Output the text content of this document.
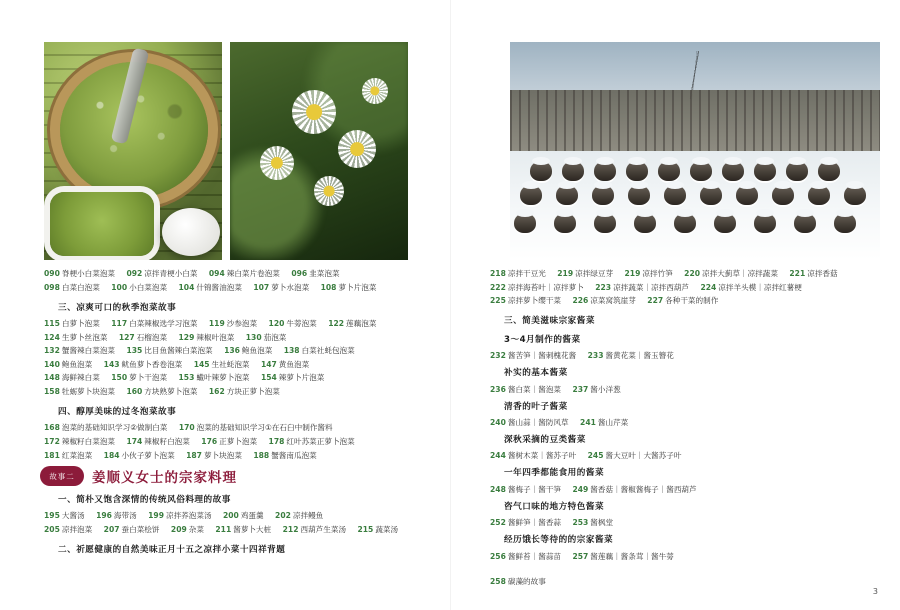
090 脊梗小白菜泡菜 092 凉拌青梗小白菜 094 辣白菜片卷泡菜 096 韭菜泡菜
098 白菜白泡菜 100 小白菜泡菜 104 什锦酱油泡菜 107 萝卜水泡菜 108 萝卜片泡菜
三、凉爽可口的秋季泡菜故事
115 白萝卜泡菜 117 白菜辣椒选学习泡菜 119 沙参泡菜 120 牛蒡泡菜 122 莲藕泡菜
124 生萝卜丝泡菜 127 石榴泡菜 129 辣椒叶泡菜 130 茄泡菜
132 蟹酱辣白菜泡菜 135 比目鱼酱辣白菜泡菜 136 鲍鱼泡菜 138 白菜社蚝包泡菜
140 鲍鱼泡菜 143 鱿鱼萝卜香卷泡菜 145 生社蚝泡菜 147 黄鱼泡菜
148 海鲜辣白菜 150 萝卜干泡菜 153 蠘叶辣萝卜泡菜 154 辣萝卜片泡菜
158 牡蛎萝卜块泡菜 160 方块熟萝卜泡菜 162 方块正萝卜泡菜
四、醇厚美味的过冬泡菜故事
168 泡菜的基础知识学习②做制白菜 170 泡菜的基础知识学习①在石臼中制作酱料
172 辣椒籽白菜泡菜 174 辣椒籽白泡菜 176 正萝卜泡菜 178 红叶苏菜正萝卜泡菜
181 红菜泡菜 184 小伙子萝卜泡菜 187 萝卜块泡菜 188 蟹酱南瓜泡菜
故事二	姜顺义女士的宗家料理
一、简朴又饱含深情的传统风俗料理的故事
195 大酱汤 196 海带汤 199 凉拌荞泡菜汤 200 鸡蛋羹 202 凉拌鳗鱼
205 凉拌泡菜 207 蚕白菜桧饼 209 杂菜 211 酱萝卜大桩 212 西葫芦生菜汤 215 蔬菜汤
二、祈愿健康的自然美味正月十五之凉拌小菜十四祥背题
218 凉拌干豆光 219 凉拌绿豆芽 219 凉拌竹笋 220 凉拌大蓟草｜凉拌蔬菜 221 凉拌香菇
222 凉拌海苔叶｜凉拌萝卜 223 凉拌蔬菜｜凉拌西葫芦 224 凉拌羊头模｜凉拌红薯梗
225 凉拌萝卜缨干菜 226 凉菜窝筑崖芽 227 各种干菜的制作
三、简美滋味宗家酱菜
3～4月制作的酱菜
232 酱苦笋｜酱刺槐花酱 233 酱黄花菜｜酱玉簪花
补实的基本酱菜
236 酱白菜｜酱泡菜 237 酱小洋葱
清香的叶子酱菜
240 酱山蒜｜酱防风草 241 酱山芹菜
深秋采摘的豆类酱菜
244 酱树木菜｜酱苏子叶 245 酱大豆叶｜大酱苏子叶
一年四季都能食用的酱菜
248 酱梅子｜酱干笋 249 酱香菇｜酱椒酱梅子｜酱西葫芦
咨气口味的地方特色酱菜
252 酱鲜笋｜酱香蒜 253 酱枫堂
经历饿长等待的的宗家酱菜
256 酱鲜苔｜酱蒜苗 257 酱莲藕｜酱条茸｜酱牛蒡
258 碳藻的故事
3
